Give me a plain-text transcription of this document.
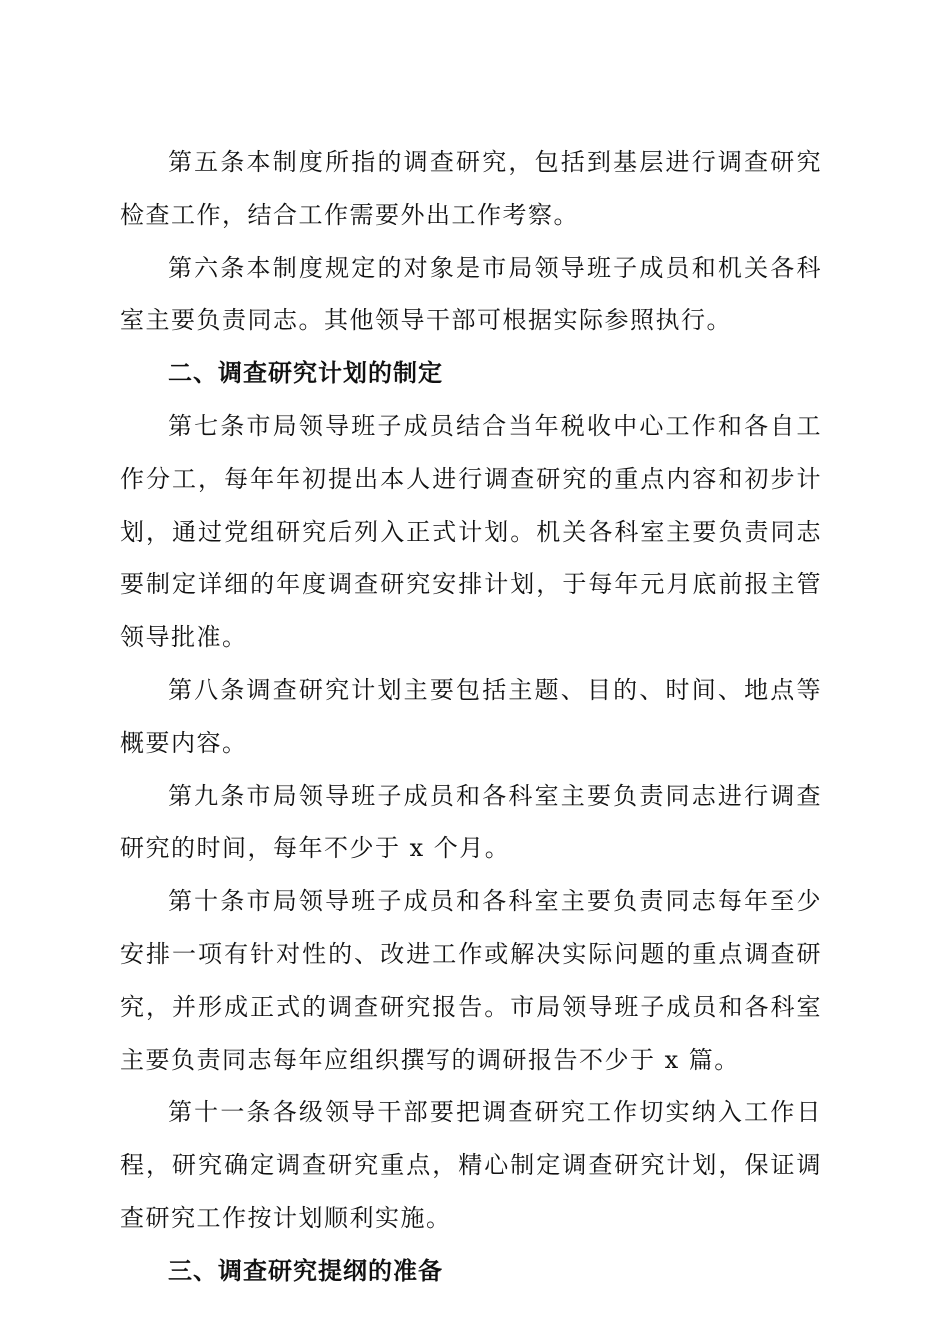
第五条本制度所指的调查研究，包括到基层进行调查研究检查工作，结合工作需要外出工作考察。

第六条本制度规定的对象是市局领导班子成员和机关各科室主要负责同志。其他领导干部可根据实际参照执行。

二、调查研究计划的制定

第七条市局领导班子成员结合当年税收中心工作和各自工作分工，每年年初提出本人进行调查研究的重点内容和初步计划，通过党组研究后列入正式计划。机关各科室主要负责同志要制定详细的年度调查研究安排计划，于每年元月底前报主管领导批准。

第八条调查研究计划主要包括主题、目的、时间、地点等概要内容。

第九条市局领导班子成员和各科室主要负责同志进行调查研究的时间，每年不少于 x 个月。

第十条市局领导班子成员和各科室主要负责同志每年至少安排一项有针对性的、改进工作或解决实际问题的重点调查研究，并形成正式的调查研究报告。市局领导班子成员和各科室主要负责同志每年应组织撰写的调研报告不少于 x 篇。

第十一条各级领导干部要把调查研究工作切实纳入工作日程，研究确定调查研究重点，精心制定调查研究计划，保证调查研究工作按计划顺利实施。

三、调查研究提纲的准备
